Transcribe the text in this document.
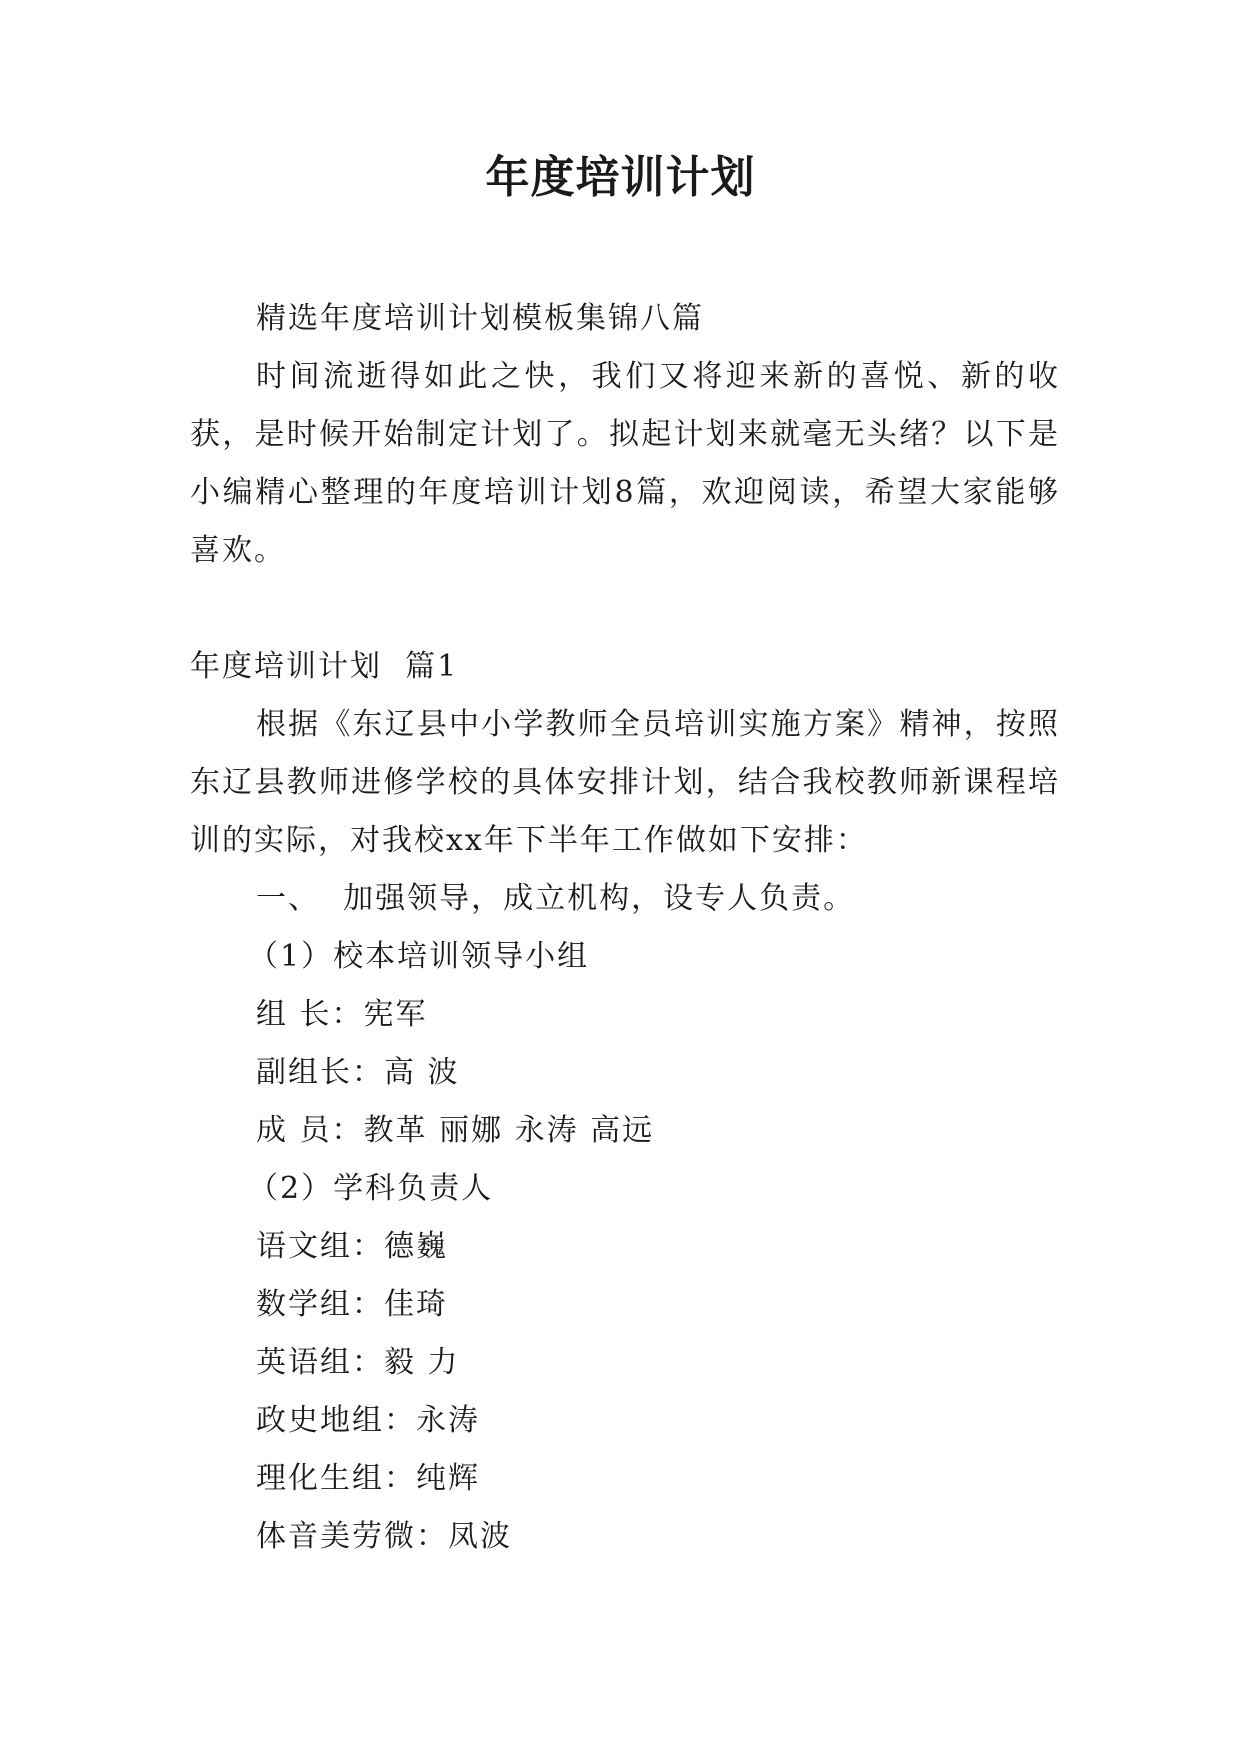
年度培训计划

精选年度培训计划模板集锦八篇

时间流逝得如此之快，我们又将迎来新的喜悦、新的收获，是时候开始制定计划了。拟起计划来就毫无头绪？以下是小编精心整理的年度培训计划8篇，欢迎阅读，希望大家能够喜欢。

年度培训计划  篇1

根据《东辽县中小学教师全员培训实施方案》精神，按照东辽县教师进修学校的具体安排计划，结合我校教师新课程培训的实际，对我校xx年下半年工作做如下安排：

一、  加强领导，成立机构，设专人负责。

（1）校本培训领导小组

组 长：宪军

副组长：高 波

成 员：教革 丽娜 永涛 高远

（2）学科负责人

语文组：德巍

数学组：佳琦

英语组：毅 力

政史地组：永涛

理化生组：纯辉

体音美劳微：凤波
